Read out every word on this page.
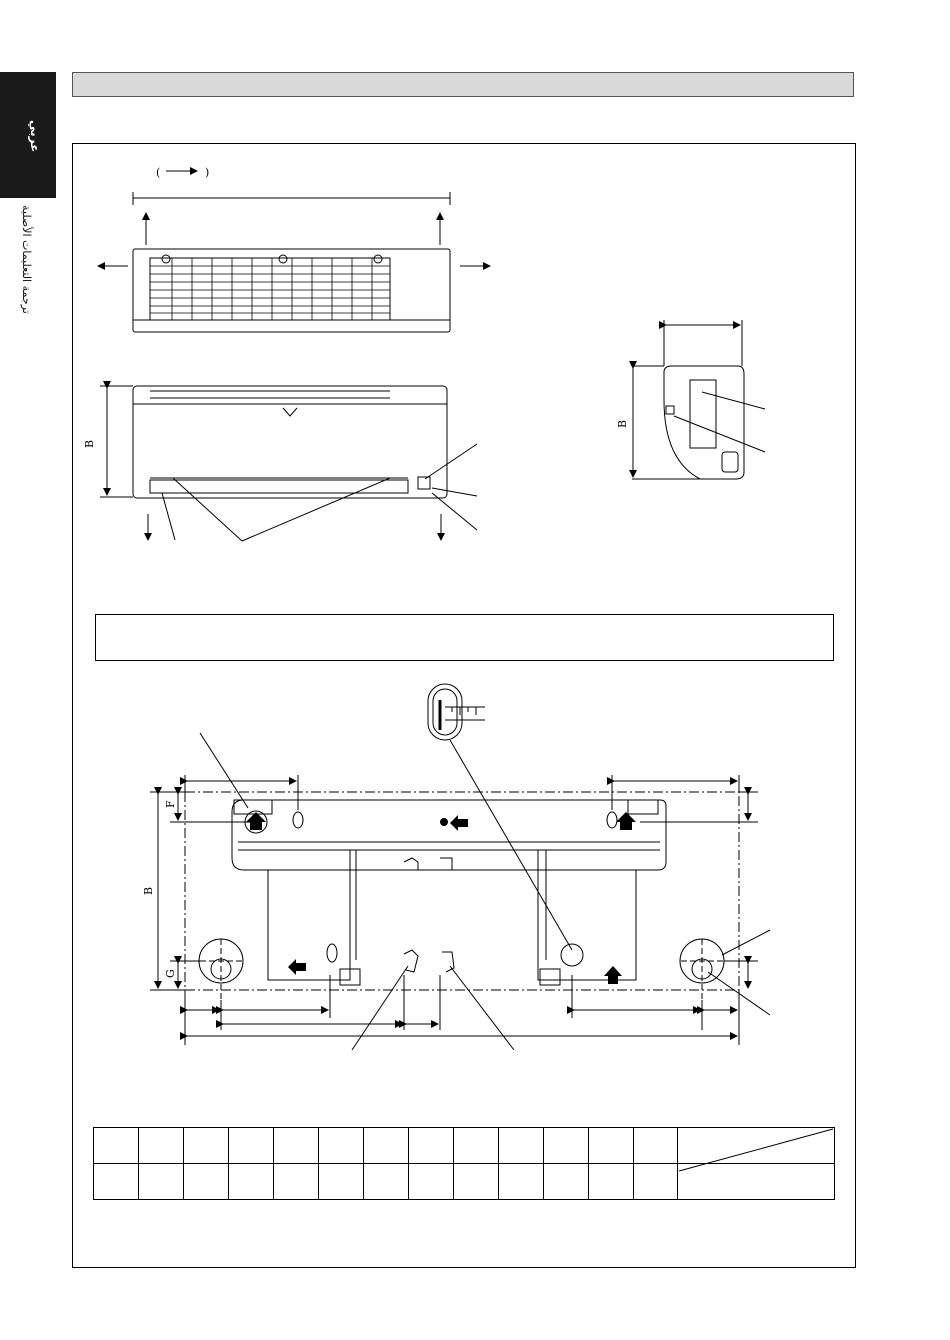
عربي
ترجمة التعليمات الأصلية
(	)
B
B
B
F
G
